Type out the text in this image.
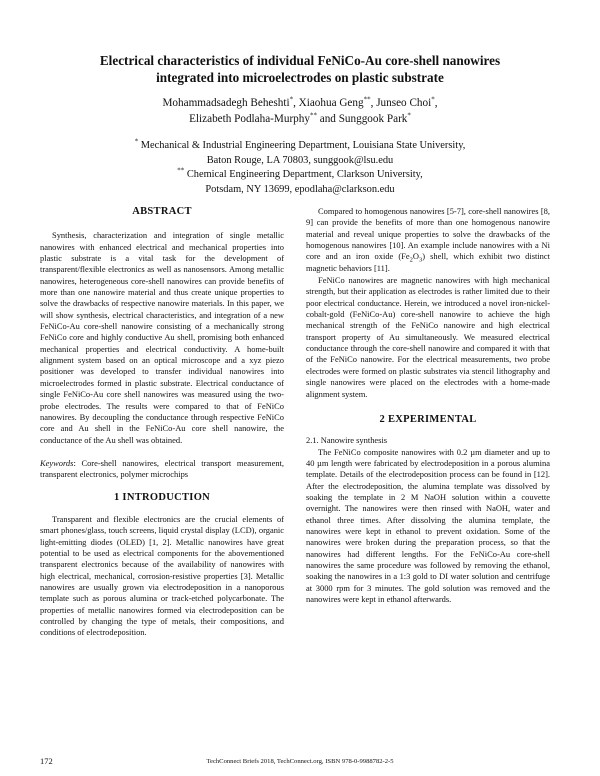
Electrical characteristics of individual FeNiCo-Au core-shell nanowires
integrated into microelectrodes on plastic substrate
Mohammadsadegh Beheshti*, Xiaohua Geng**, Junseo Choi*,
Elizabeth Podlaha-Murphy** and Sunggook Park*
* Mechanical & Industrial Engineering Department, Louisiana State University,
Baton Rouge, LA 70803, sunggook@lsu.edu
** Chemical Engineering Department, Clarkson University,
Potsdam, NY 13699, epodlaha@clarkson.edu
ABSTRACT

Synthesis, characterization and integration of single metallic nanowires with enhanced electrical and mechanical properties into plastic substrate is a vital task for the development of transparent/flexible electronics as well as nanosensors. Among metallic nanowires, heterogeneous core-shell nanowires can provide benefits of more than one nanowire material and thus create unique properties to solve the drawbacks of respective nanowire materials. In this paper, we will show synthesis, electrical characteristics, and integration of a new FeNiCo-Au core-shell nanowire consisting of a mechanically strong FeNiCo core and highly conductive Au shell, promising both enhanced mechanical properties and electrical conductivity. A home-built alignment system based on an optical microscope and a xyz piezo positioner was developed to transfer individual nanowires into microelectrodes formed in plastic substrate. Electrical conductance of single FeNiCo-Au core shell nanowires was measured using the two-probe electrodes. The results were compared to that of FeNiCo nanowires. By decoupling the conductance through respective FeNiCo core and Au shell in the FeNiCo-Au core shell nanowire, the conductance of the Au shell was obtained.

Keywords: Core-shell nanowires, electrical transport measurement, transparent electronics, polymer microchips

1 INTRODUCTION

Transparent and flexible electronics are the crucial elements of smart phones/glass, touch screens, liquid crystal display (LCD), organic light-emitting diodes (OLED) [1, 2]. Metallic nanowires have great potential to be used as electrical components for the abovementioned transparent electronics because of the availability of nanowires with high electrical, mechanical, corrosion-resistive properties [3]. Metallic nanowires are usually grown via electrodeposition in a nanoporous template such as porous alumina or track-etched polycarbonate. The properties of metallic nanowires formed via electrodeposition can be controlled by changing the type of metals, their compositions, and conditions of electrodeposition.

Compared to homogenous nanowires [5-7], core-shell nanowires [8, 9] can provide the benefits of more than one homogenous nanowire material and reveal unique properties to solve the drawbacks of the homogenous nanowires [10]. An example include nanowires with a Ni core and an iron oxide $(Fe_2O_3)$ shell, which exhibit two distinct magnetic behaviors [11].

FeNiCo nanowires are magnetic nanowires with high mechanical strength, but their application as electrodes is rather limited due to their poor electrical conductance. Herein, we introduced a novel iron-nickel-cobalt-gold (FeNiCo-Au) core-shell nanowire to achieve the high mechanical strength of the FeNiCo nanowire and high electrical transport property of Au simultaneously. We measured electrical conductance through the core-shell nanowire and compared it with that of the FeNiCo nanowire. For the electrical measurements, two probe electrodes were formed on plastic substrates via stencil lithography and single nanowires were placed on the electrodes with a home-made alignment system.

2 EXPERIMENTAL

2.1. Nanowire synthesis

The FeNiCo composite nanowires with 0.2 µm diameter and up to 40 µm length were fabricated by electrodeposition in a porous alumina template. Details of the electrodeposition process can be found in [12]. After the electrodeposition, the alumina template was dissolved by soaking the template in 2 M NaOH solution within a couvette overnight. The nanowires were then rinsed with NaOH, water and ethanol three times. After dissolving the alumina template, the nanowires were kept in ethanol to prevent oxidation. Some of the nanowires were broken during the preparation process, so that the nanowires had different lengths. For the FeNiCo-Au core-shell nanowires the same procedure was followed by removing the ethanol, soaking the nanowires in a 1:3 gold to DI water solution and centrifuge at 3000 rpm for 3 minutes. The gold solution was removed and the nanowires were kept in ethanol afterwards.

172	TechConnect Briefs 2018, TechConnect.org, ISBN 978-0-9988782-2-5
